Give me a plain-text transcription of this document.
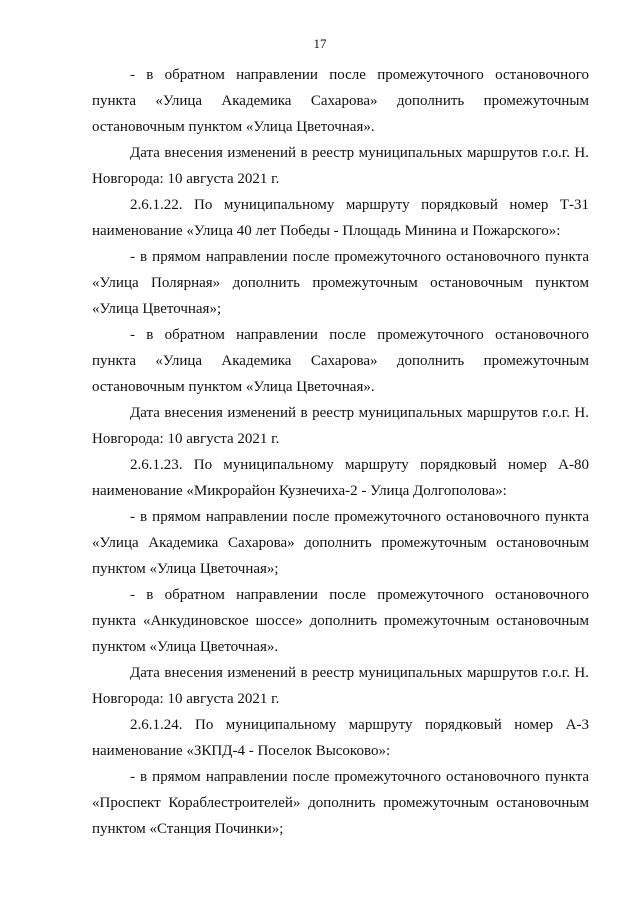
17

- в обратном направлении после промежуточного остановочного пункта «Улица Академика Сахарова» дополнить промежуточным остановочным пунктом «Улица Цветочная».

Дата внесения изменений в реестр муниципальных маршрутов г.о.г. Н. Новгорода: 10 августа 2021 г.

2.6.1.22. По муниципальному маршруту порядковый номер Т-31 наименование «Улица 40 лет Победы - Площадь Минина и Пожарского»:

- в прямом направлении после промежуточного остановочного пункта «Улица Полярная» дополнить промежуточным остановочным пунктом «Улица Цветочная»;

- в обратном направлении после промежуточного остановочного пункта «Улица Академика Сахарова» дополнить промежуточным остановочным пунктом «Улица Цветочная».

Дата внесения изменений в реестр муниципальных маршрутов г.о.г. Н. Новгорода: 10 августа 2021 г.

2.6.1.23. По муниципальному маршруту порядковый номер А-80 наименование «Микрорайон Кузнечиха-2 - Улица Долгополова»:

- в прямом направлении после промежуточного остановочного пункта «Улица Академика Сахарова» дополнить промежуточным остановочным пунктом «Улица Цветочная»;

- в обратном направлении после промежуточного остановочного пункта «Анкудиновское шоссе» дополнить промежуточным остановочным пунктом «Улица Цветочная».

Дата внесения изменений в реестр муниципальных маршрутов г.о.г. Н. Новгорода: 10 августа 2021 г.

2.6.1.24. По муниципальному маршруту порядковый номер А-3 наименование «ЗКПД-4 - Поселок Высоково»:

- в прямом направлении после промежуточного остановочного пункта «Проспект Кораблестроителей» дополнить промежуточным остановочным пунктом «Станция Починки»;
